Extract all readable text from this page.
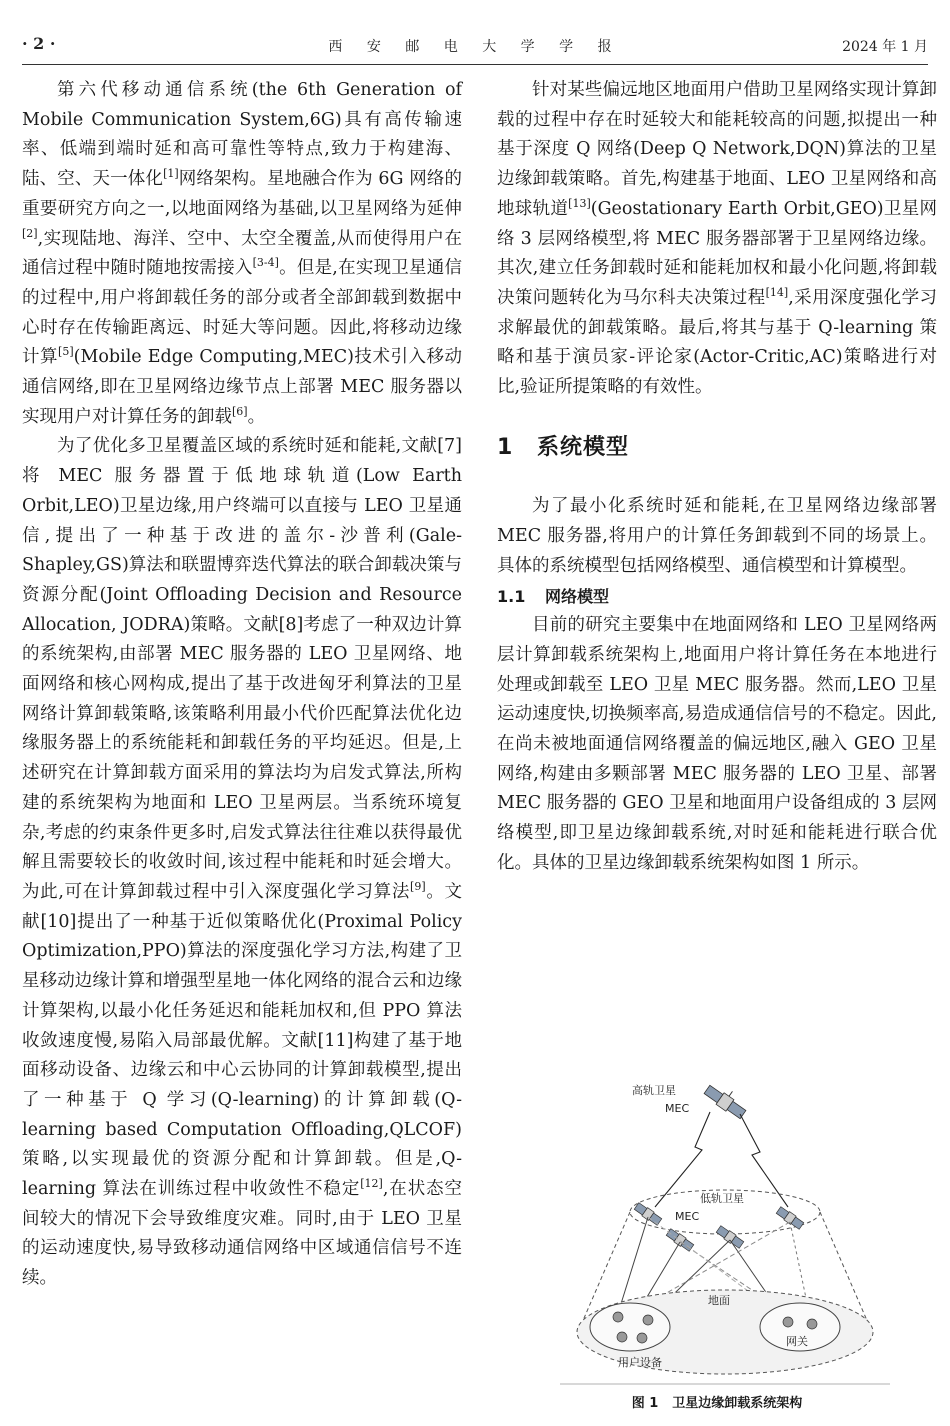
· 2 ·	西 安 邮 电 大 学 学 报	2024 年 1 月

第六代移动通信系统(the 6th Generation of Mobile Communication System,6G)具有高传输速率、低端到端时延和高可靠性等特点,致力于构建海、陆、空、天一体化[1]网络架构。星地融合作为 6G 网络的重要研究方向之一,以地面网络为基础,以卫星网络为延伸[2],实现陆地、海洋、空中、太空全覆盖,从而使得用户在通信过程中随时随地按需接入[3-4]。但是,在实现卫星通信的过程中,用户将卸载任务的部分或者全部卸载到数据中心时存在传输距离远、时延大等问题。因此,将移动边缘计算[5](Mobile Edge Computing,MEC)技术引入移动通信网络,即在卫星网络边缘节点上部署 MEC 服务器以实现用户对计算任务的卸载[6]。

为了优化多卫星覆盖区域的系统时延和能耗,文献[7]将 MEC 服务器置于低地球轨道(Low Earth Orbit,LEO)卫星边缘,用户终端可以直接与 LEO 卫星通信,提出了一种基于改进的盖尔-沙普利(Gale-Shapley,GS)算法和联盟博弈迭代算法的联合卸载决策与资源分配(Joint Offloading Decision and Resource Allocation, JODRA)策略。文献[8]考虑了一种双边计算的系统架构,由部署 MEC 服务器的 LEO 卫星网络、地面网络和核心网构成,提出了基于改进匈牙利算法的卫星网络计算卸载策略,该策略利用最小代价匹配算法优化边缘服务器上的系统能耗和卸载任务的平均延迟。但是,上述研究在计算卸载方面采用的算法均为启发式算法,所构建的系统架构为地面和 LEO 卫星两层。当系统环境复杂,考虑的约束条件更多时,启发式算法往往难以获得最优解且需要较长的收敛时间,该过程中能耗和时延会增大。为此,可在计算卸载过程中引入深度强化学习算法[9]。文献[10]提出了一种基于近似策略优化(Proximal Policy Optimization,PPO)算法的深度强化学习方法,构建了卫星移动边缘计算和增强型星地一体化网络的混合云和边缘计算架构,以最小化任务延迟和能耗加权和,但 PPO 算法收敛速度慢,易陷入局部最优解。文献[11]构建了基于地面移动设备、边缘云和中心云协同的计算卸载模型,提出了一种基于 Q 学习(Q-learning)的计算卸载(Q-learning based Computation Offloading,QLCOF)策略,以实现最优的资源分配和计算卸载。但是,Q-learning 算法在训练过程中收敛性不稳定[12],在状态空间较大的情况下会导致维度灾难。同时,由于 LEO 卫星的运动速度快,易导致移动通信网络中区域通信信号不连续。

针对某些偏远地区地面用户借助卫星网络实现计算卸载的过程中存在时延较大和能耗较高的问题,拟提出一种基于深度 Q 网络(Deep Q Network,DQN)算法的卫星边缘卸载策略。首先,构建基于地面、LEO 卫星网络和高地球轨道[13](Geostationary Earth Orbit,GEO)卫星网络 3 层网络模型,将 MEC 服务器部署于卫星网络边缘。其次,建立任务卸载时延和能耗加权和最小化问题,将卸载决策问题转化为马尔科夫决策过程[14],采用深度强化学习求解最优的卸载策略。最后,将其与基于 Q-learning 策略和基于演员家-评论家(Actor-Critic,AC)策略进行对比,验证所提策略的有效性。

1 系统模型

为了最小化系统时延和能耗,在卫星网络边缘部署 MEC 服务器,将用户的计算任务卸载到不同的场景上。具体的系统模型包括网络模型、通信模型和计算模型。

1.1 网络模型

目前的研究主要集中在地面网络和 LEO 卫星网络两层计算卸载系统架构上,地面用户将计算任务在本地进行处理或卸载至 LEO 卫星 MEC 服务器。然而,LEO 卫星运动速度快,切换频率高,易造成通信信号的不稳定。因此,在尚未被地面通信网络覆盖的偏远地区,融入 GEO 卫星网络,构建由多颗部署 MEC 服务器的 LEO 卫星、部署 MEC 服务器的 GEO 卫星和地面用户设备组成的 3 层网络模型,即卫星边缘卸载系统,对时延和能耗进行联合优化。具体的卫星边缘卸载系统架构如图 1 所示。

高轨卫星
MEC
低轨卫星
MEC
地面
网关
用户设备
图 1 卫星边缘卸载系统架构
